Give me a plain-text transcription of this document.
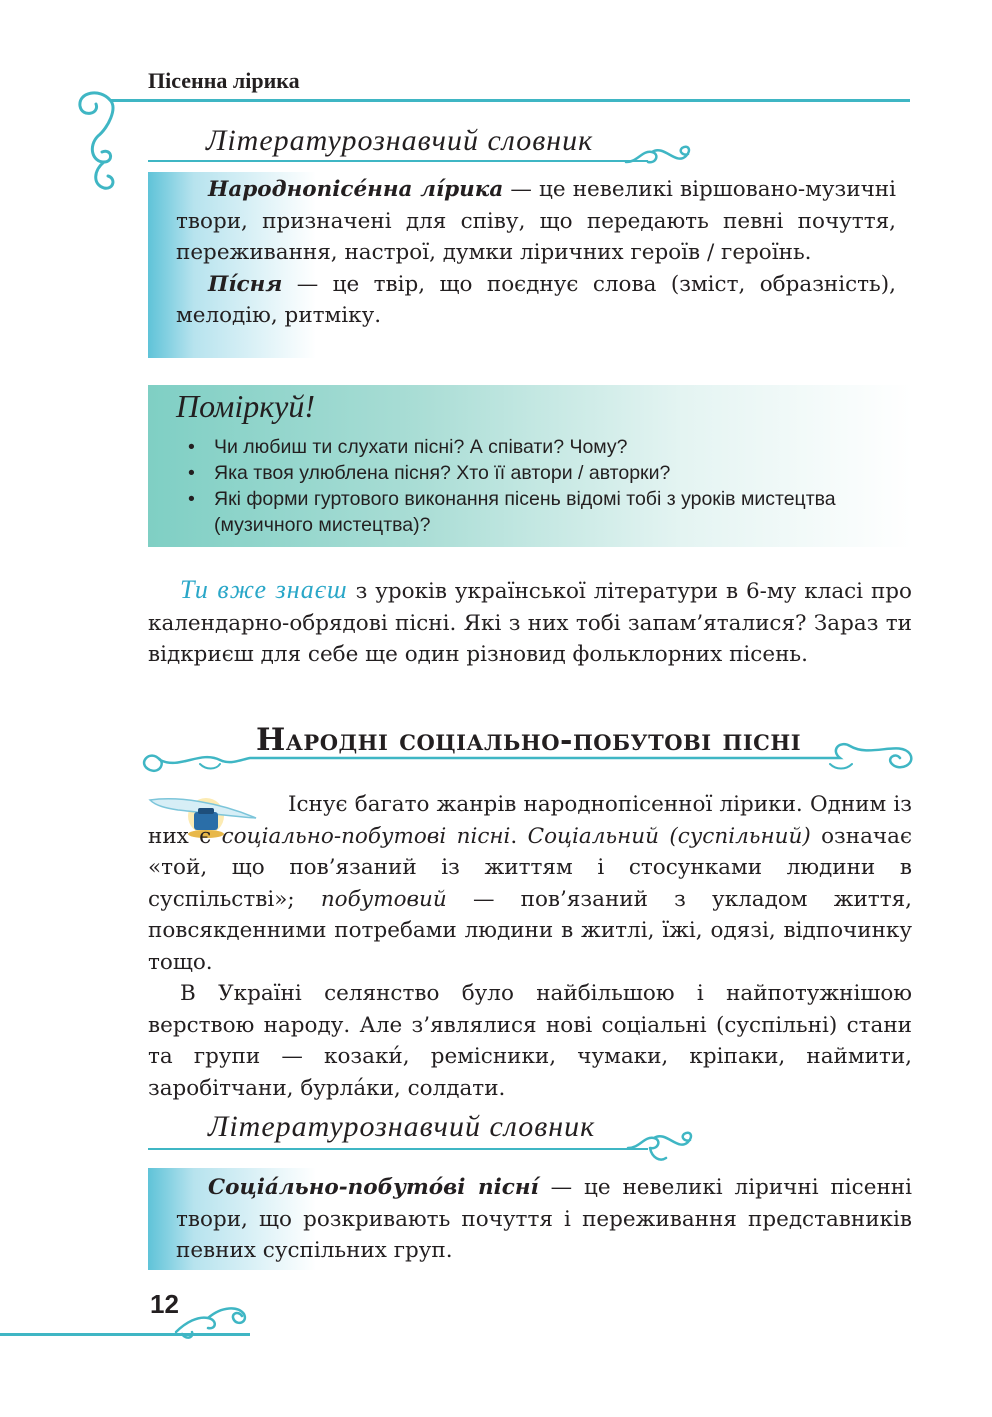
Пісенна лірика
Літературознавчий словник

Народнопісе́нна лі́рика — це невеликі віршовано-музичні твори, призначені для співу, що передають певні почуття, переживання, настрої, думки ліричних героїв / героїнь.

Пі́сня — це твір, що поєднує слова (зміст, образність), мелодію, ритміку.

Поміркуй!
• Чи любиш ти слухати пісні? А співати? Чому?
• Яка твоя улюблена пісня? Хто її автори / авторки?
• Які форми гуртового виконання пісень відомі тобі з уроків мистецтва (музичного мистецтва)?

Ти вже знаєш з уроків української літератури в 6-му класі про календарно-обрядові пісні. Які з них тобі запам’яталися? Зараз ти відкриєш для себе ще один різновид фольклорних пісень.

Народні соціально-побутові пісні

Існує багато жанрів народнопісенної лірики. Одним із них є соціально-побутові пісні. Соціальний (суспільний) означає «той, що пов’язаний із життям і стосунками людини в суспільстві»; побутовий — пов’язаний з укладом життя, повсякденними потребами людини в житлі, їжі, одязі, відпочинку тощо.

В Україні селянство було найбільшою і найпотужнішою верствою народу. Але з’являлися нові соціальні (суспільні) стани та групи — козаки́, ремісники, чумаки, кріпаки, наймити, заробітчани, бурла́ки, солдати.

Літературознавчий словник

Соціа́льно-побуто́ві пісні́ — це невеликі ліричні пісенні твори, що розкривають почуття і переживання представників певних суспільних груп.

12
